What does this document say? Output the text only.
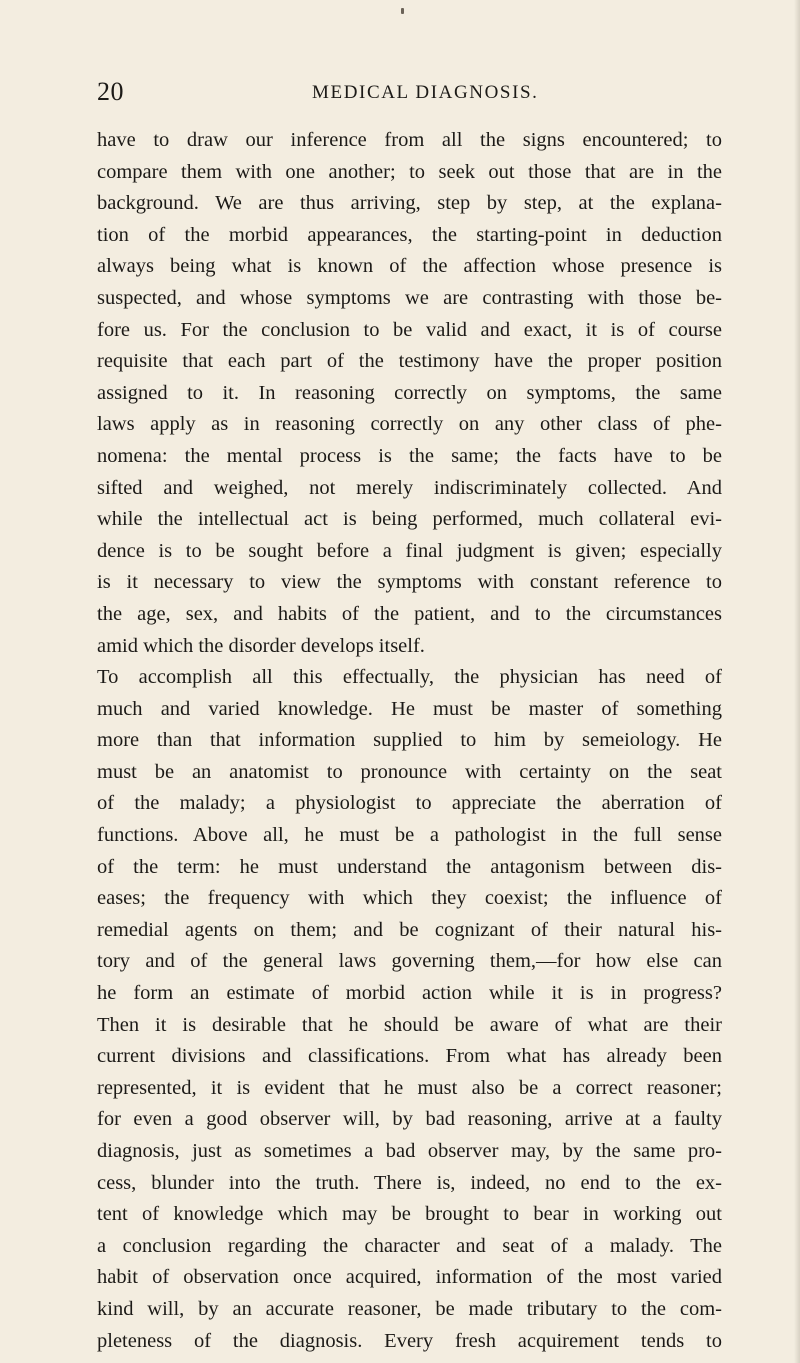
20	MEDICAL DIAGNOSIS.
have to draw our inference from all the signs encountered; to
compare them with one another; to seek out those that are in the
background. We are thus arriving, step by step, at the explana-
tion of the morbid appearances, the starting-point in deduction
always being what is known of the affection whose presence is
suspected, and whose symptoms we are contrasting with those be-
fore us. For the conclusion to be valid and exact, it is of course
requisite that each part of the testimony have the proper position
assigned to it. In reasoning correctly on symptoms, the same
laws apply as in reasoning correctly on any other class of phe-
nomena: the mental process is the same; the facts have to be
sifted and weighed, not merely indiscriminately collected. And
while the intellectual act is being performed, much collateral evi-
dence is to be sought before a final judgment is given; especially
is it necessary to view the symptoms with constant reference to
the age, sex, and habits of the patient, and to the circumstances
amid which the disorder develops itself.
To accomplish all this effectually, the physician has need of
much and varied knowledge. He must be master of something
more than that information supplied to him by semeiology. He
must be an anatomist to pronounce with certainty on the seat
of the malady; a physiologist to appreciate the aberration of
functions. Above all, he must be a pathologist in the full sense
of the term: he must understand the antagonism between dis-
eases; the frequency with which they coexist; the influence of
remedial agents on them; and be cognizant of their natural his-
tory and of the general laws governing them,—for how else can
he form an estimate of morbid action while it is in progress?
Then it is desirable that he should be aware of what are their
current divisions and classifications. From what has already been
represented, it is evident that he must also be a correct reasoner;
for even a good observer will, by bad reasoning, arrive at a faulty
diagnosis, just as sometimes a bad observer may, by the same pro-
cess, blunder into the truth. There is, indeed, no end to the ex-
tent of knowledge which may be brought to bear in working out
a conclusion regarding the character and seat of a malady. The
habit of observation once acquired, information of the most varied
kind will, by an accurate reasoner, be made tributary to the com-
pleteness of the diagnosis. Every fresh acquirement tends to
